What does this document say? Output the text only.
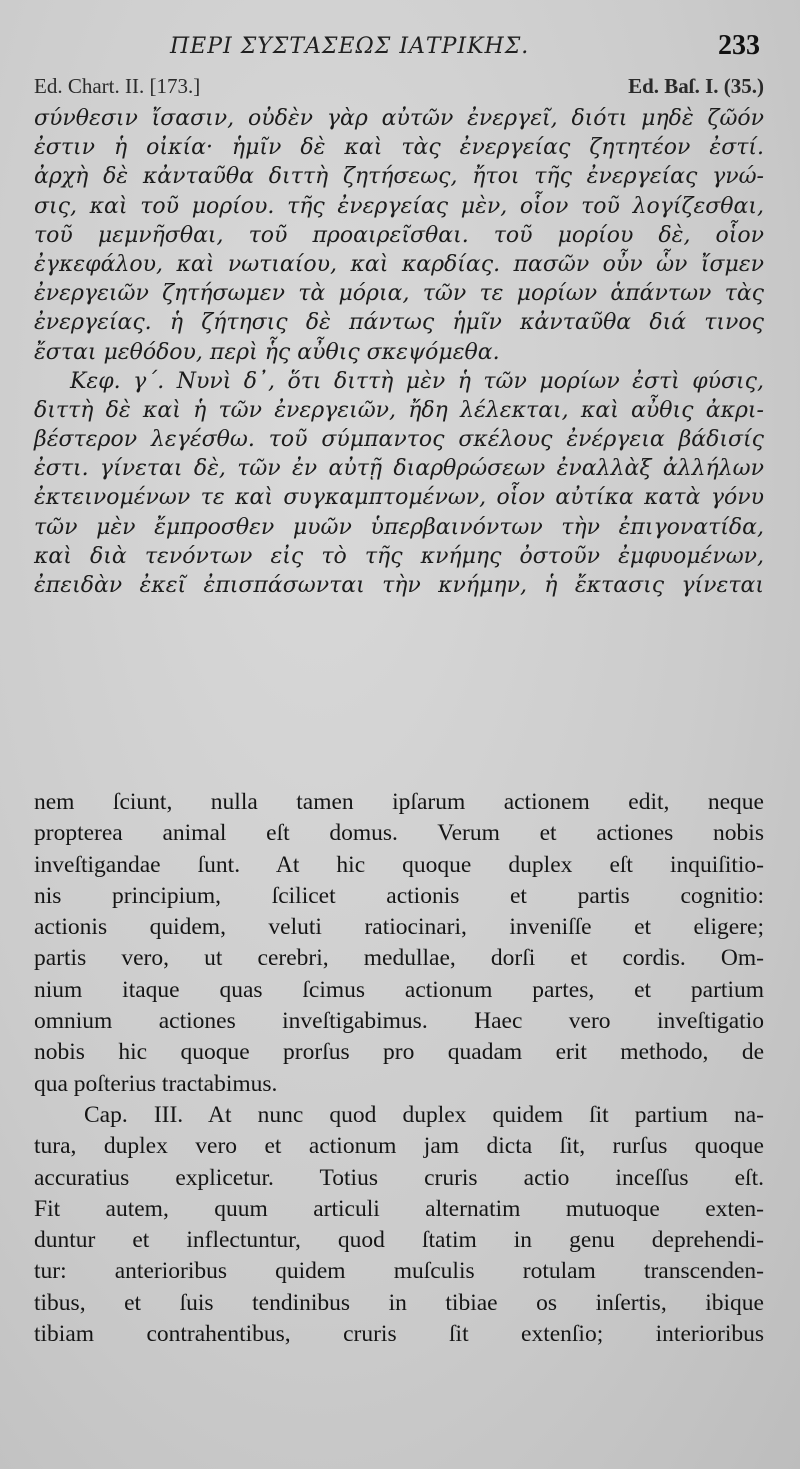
ΠΕΡΙ ΣΥΣΤΑΣΕΩΣ ΙΑΤΡΙΚΗΣ.	233
Ed. Chart. II. [173.]	Ed. Baſ. I. (35.)
σύνθεσιν ἴσασιν, οὐδὲν γὰρ αὐτῶν ἐνεργεῖ, διότι μηδὲ ζῶόν
ἐστιν ἡ οἰκία· ἡμῖν δὲ καὶ τὰς ἐνεργείας ζητητέον ἐστί.
ἀρχὴ δὲ κἀνταῦθα διττὴ ζητήσεως, ἤτοι τῆς ἐνεργείας γνώ-
σις, καὶ τοῦ μορίου. τῆς ἐνεργείας μὲν, οἷον τοῦ λογίζεσθαι,
τοῦ μεμνῆσθαι, τοῦ προαιρεῖσθαι. τοῦ μορίου δὲ, οἷον
ἐγκεφάλου, καὶ νωτιαίου, καὶ καρδίας. πασῶν οὖν ὧν ἴσμεν
ἐνεργειῶν ζητήσωμεν τὰ μόρια, τῶν τε μορίων ἁπάντων τὰς
ἐνεργείας. ἡ ζήτησις δὲ πάντως ἡμῖν κἀνταῦθα διά τινος
ἔσται μεθόδου, περὶ ἧς αὖθις σκεψόμεθα.
Κεφ. γ΄. Νυνὶ δ᾽, ὅτι διττὴ μὲν ἡ τῶν μορίων ἐστὶ φύσις,
διττὴ δὲ καὶ ἡ τῶν ἐνεργειῶν, ἤδη λέλεκται, καὶ αὖθις ἀκρι-
βέστερον λεγέσθω. τοῦ σύμπαντος σκέλους ἐνέργεια βάδισίς
ἐστι. γίνεται δὲ, τῶν ἐν αὐτῇ διαρθρώσεων ἐναλλὰξ ἀλλήλων
ἐκτεινομένων τε καὶ συγκαμπτομένων, οἷον αὐτίκα κατὰ γόνυ
τῶν μὲν ἔμπροσθεν μυῶν ὑπερβαινόντων τὴν ἐπιγονατίδα,
καὶ διὰ τενόντων εἰς τὸ τῆς κνήμης ὀστοῦν ἐμφυομένων,
ἐπειδὰν ἐκεῖ ἐπισπάσωνται τὴν κνήμην, ἡ ἔκτασις γίνεται
nem ſciunt, nulla tamen ipſarum actionem edit, neque
propterea animal eſt domus. Verum et actiones nobis
inveſtigandae ſunt. At hic quoque duplex eſt inquiſitio-
nis principium, ſcilicet actionis et partis cognitio:
actionis quidem, veluti ratiocinari, inveniſſe et eligere;
partis vero, ut cerebri, medullae, dorſi et cordis. Om-
nium itaque quas ſcimus actionum partes, et partium
omnium actiones inveſtigabimus. Haec vero inveſtigatio
nobis hic quoque prorſus pro quadam erit methodo, de
qua poſterius tractabimus.
Cap. III. At nunc quod duplex quidem ſit partium na-
tura, duplex vero et actionum jam dicta ſit, rurſus quoque
accuratius explicetur. Totius cruris actio inceſſus eſt.
Fit autem, quum articuli alternatim mutuoque exten-
duntur et inflectuntur, quod ſtatim in genu deprehendi-
tur: anterioribus quidem muſculis rotulam transcenden-
tibus, et ſuis tendinibus in tibiae os inſertis, ibique
tibiam contrahentibus, cruris ſit extenſio; interioribus
